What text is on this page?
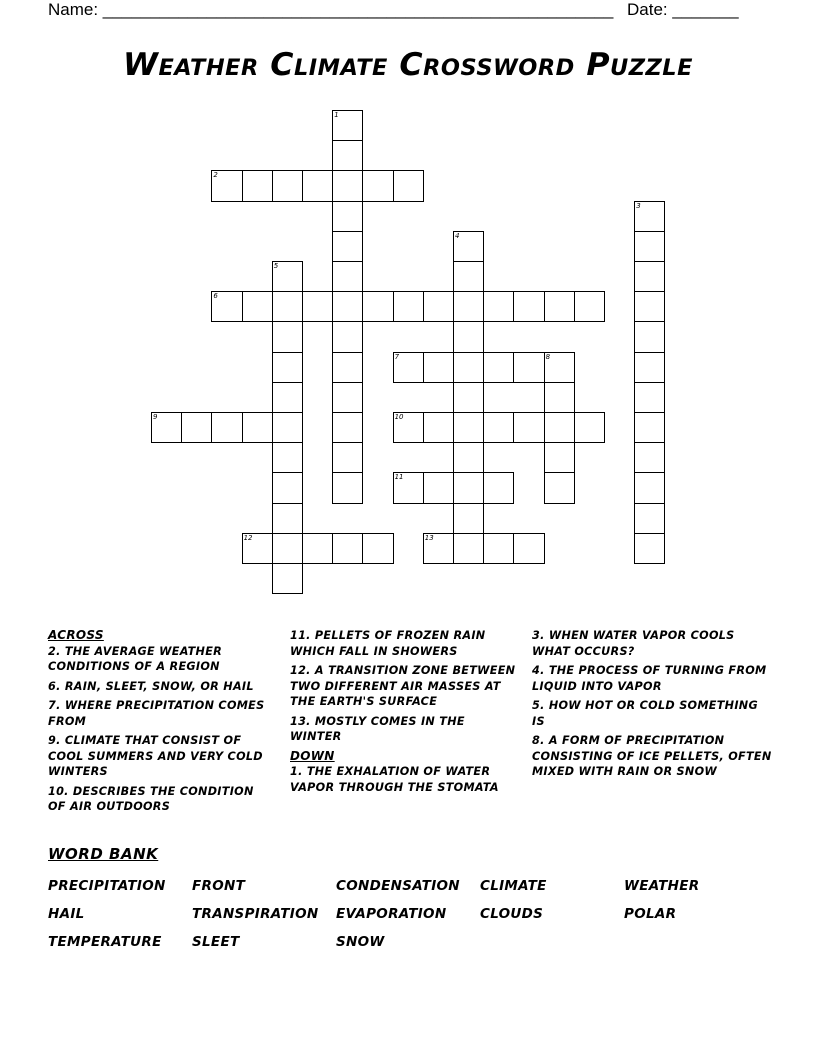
Name: ______________________________________________________ Date: _______
Weather Climate Crossword Puzzle
1
2
3
4
5
6
7	8
9	10
11
12	13
ACROSS
2. THE AVERAGE WEATHER CONDITIONS OF A REGION
6. RAIN, SLEET, SNOW, OR HAIL
7. WHERE PRECIPITATION COMES FROM
9. CLIMATE THAT CONSIST OF COOL SUMMERS AND VERY COLD WINTERS
10. DESCRIBES THE CONDITION OF AIR OUTDOORS
11. PELLETS OF FROZEN RAIN WHICH FALL IN SHOWERS
12. A TRANSITION ZONE BETWEEN TWO DIFFERENT AIR MASSES AT THE EARTH'S SURFACE
13. MOSTLY COMES IN THE WINTER
DOWN
1. THE EXHALATION OF WATER VAPOR THROUGH THE STOMATA
3. WHEN WATER VAPOR COOLS WHAT OCCURS?
4. THE PROCESS OF TURNING FROM LIQUID INTO VAPOR
5. HOW HOT OR COLD SOMETHING IS
8. A FORM OF PRECIPITATION CONSISTING OF ICE PELLETS, OFTEN MIXED WITH RAIN OR SNOW
WORD BANK
PRECIPITATION FRONT	CONDENSATION CLIMATE	WEATHER
HAIL	TRANSPIRATION EVAPORATION CLOUDS	POLAR
TEMPERATURE SLEET	SNOW
